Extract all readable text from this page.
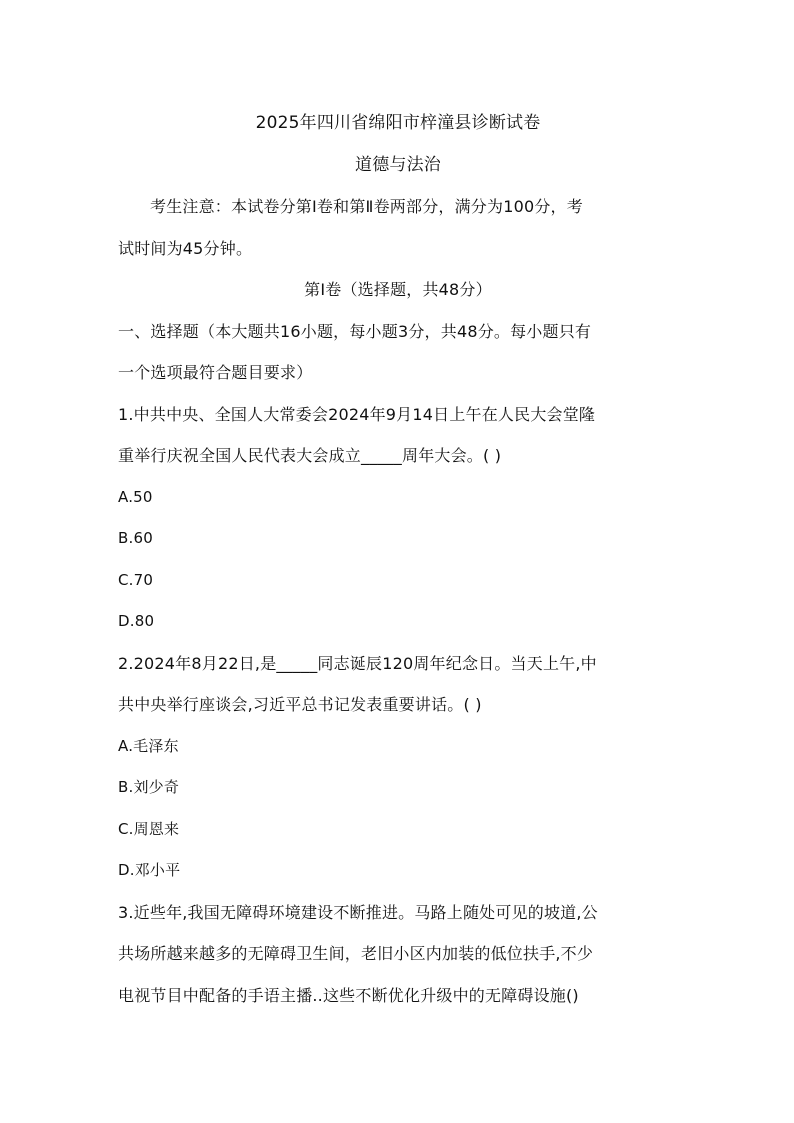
2025年四川省绵阳市梓潼县诊断试卷
道德与法治
考生注意：本试卷分第Ⅰ卷和第Ⅱ卷两部分，满分为100分，考
试时间为45分钟。
第Ⅰ卷（选择题，共48分）
一、选择题（本大题共16小题，每小题3分，共48分。每小题只有
一个选项最符合题目要求）
1.中共中央、全国人大常委会2024年9月14日上午在人民大会堂隆
重举行庆祝全国人民代表大会成立_____周年大会。( )
A.50
B.60
C.70
D.80
2.2024年8月22日,是_____同志诞辰120周年纪念日。当天上午,中
共中央举行座谈会,习近平总书记发表重要讲话。( )
A.毛泽东
B.刘少奇
C.周恩来
D.邓小平
3.近些年,我国无障碍环境建设不断推进。马路上随处可见的坡道,公
共场所越来越多的无障碍卫生间，老旧小区内加装的低位扶手,不少
电视节目中配备的手语主播..这些不断优化升级中的无障碍设施()
